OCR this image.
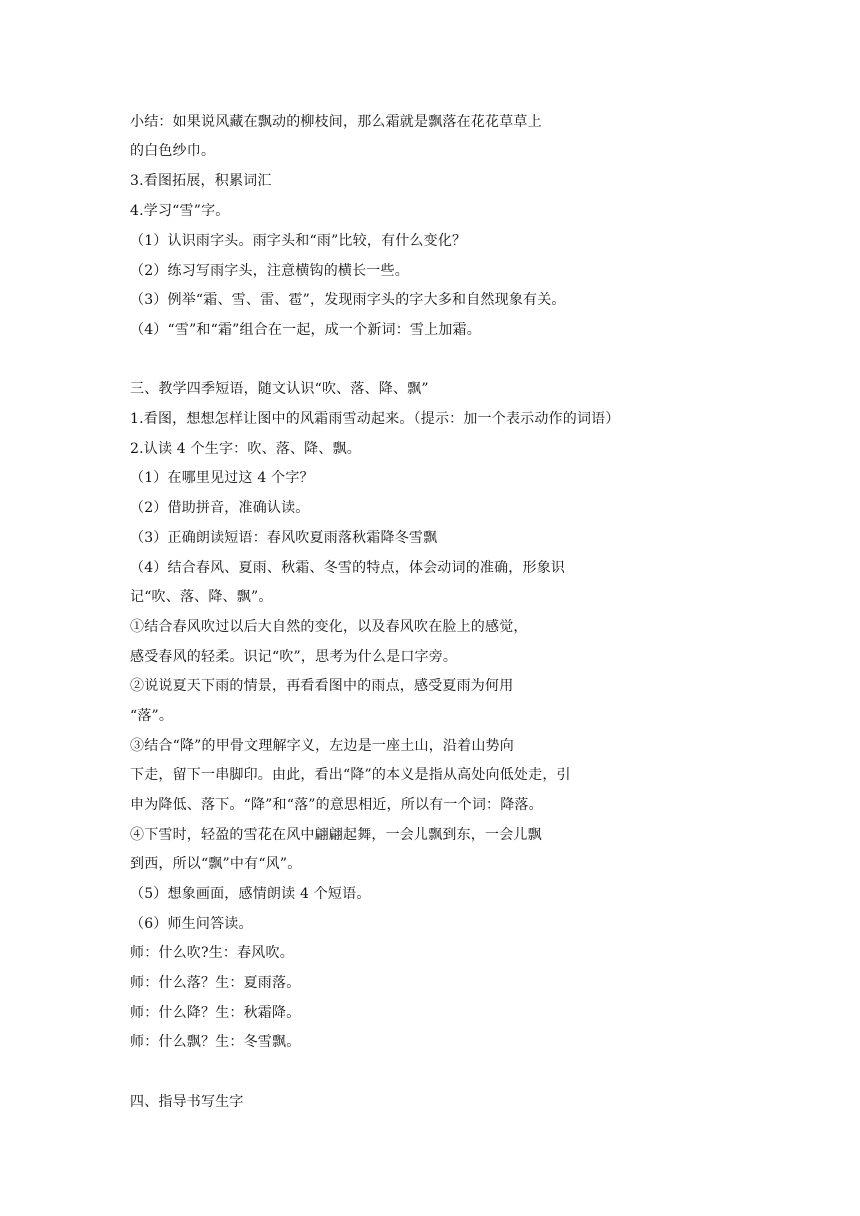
小结：如果说风藏在飘动的柳枝间，那么霜就是飘落在花花草草上
的白色纱巾。
3.看图拓展，积累词汇
4.学习“雪”字。
（1）认识雨字头。雨字头和“雨”比较，有什么变化？
（2）练习写雨字头，注意横钩的横长一些。
（3）例举“霜、雪、雷、雹”，发现雨字头的字大多和自然现象有关。
（4）“雪”和“霜”组合在一起，成一个新词：雪上加霜。
三、教学四季短语，随文认识“吹、落、降、飘”
1.看图，想想怎样让图中的风霜雨雪动起来。（提示：加一个表示动作的词语）
2.认读 4 个生字：吹、落、降、飘。
（1）在哪里见过这 4 个字？
（2）借助拼音，准确认读。
（3）正确朗读短语：春风吹夏雨落秋霜降冬雪飘
（4）结合春风、夏雨、秋霜、冬雪的特点，体会动词的准确，形象识
记“吹、落、降、飘”。
①结合春风吹过以后大自然的变化，以及春风吹在脸上的感觉，
感受春风的轻柔。识记“吹”，思考为什么是口字旁。
②说说夏天下雨的情景，再看看图中的雨点，感受夏雨为何用
“落”。
③结合“降”的甲骨文理解字义，左边是一座土山，沿着山势向
下走，留下一串脚印。由此，看出“降”的本义是指从高处向低处走，引
申为降低、落下。“降”和“落”的意思相近，所以有一个词：降落。
④下雪时，轻盈的雪花在风中翩翩起舞，一会儿飘到东，一会儿飘
到西，所以“飘”中有“风”。
（5）想象画面，感情朗读 4 个短语。
（6）师生问答读。
师：什么吹?生：春风吹。
师：什么落？生：夏雨落。
师：什么降？生：秋霜降。
师：什么飘？生：冬雪飘。
四、指导书写生字
